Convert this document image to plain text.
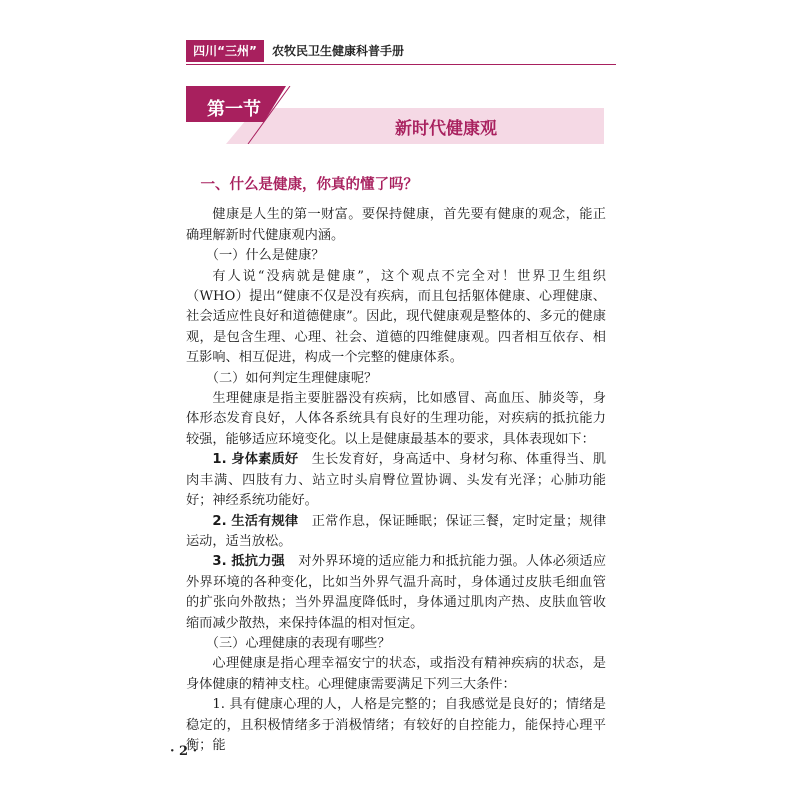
四川“三州”	农牧民卫生健康科普手册
第一节
新时代健康观

一、什么是健康，你真的懂了吗？

健康是人生的第一财富。要保持健康，首先要有健康的观念，能正确理解新时代健康观内涵。

（一）什么是健康？

有人说“没病就是健康”，这个观点不完全对！世界卫生组织（WHO）提出“健康不仅是没有疾病，而且包括躯体健康、心理健康、社会适应性良好和道德健康”。因此，现代健康观是整体的、多元的健康观，是包含生理、心理、社会、道德的四维健康观。四者相互依存、相互影响、相互促进，构成一个完整的健康体系。

（二）如何判定生理健康呢？

生理健康是指主要脏器没有疾病，比如感冒、高血压、肺炎等，身体形态发育良好，人体各系统具有良好的生理功能，对疾病的抵抗能力较强，能够适应环境变化。以上是健康最基本的要求，具体表现如下：

1. 身体素质好　 生长发育好，身高适中、身材匀称、体重得当、肌肉丰满、四肢有力、站立时头肩臀位置协调、头发有光泽；心肺功能好；神经系统功能好。

2. 生活有规律　 正常作息，保证睡眠；保证三餐，定时定量；规律运动，适当放松。

3. 抵抗力强　 对外界环境的适应能力和抵抗能力强。人体必须适应外界环境的各种变化，比如当外界气温升高时，身体通过皮肤毛细血管的扩张向外散热；当外界温度降低时，身体通过肌肉产热、皮肤血管收缩而减少散热，来保持体温的相对恒定。

（三）心理健康的表现有哪些？

心理健康是指心理幸福安宁的状态，或指没有精神疾病的状态，是身体健康的精神支柱。心理健康需要满足下列三大条件：

1. 具有健康心理的人，人格是完整的；自我感觉是良好的；情绪是稳定的，且积极情绪多于消极情绪；有较好的自控能力，能保持心理平衡；能

· 2 ·
